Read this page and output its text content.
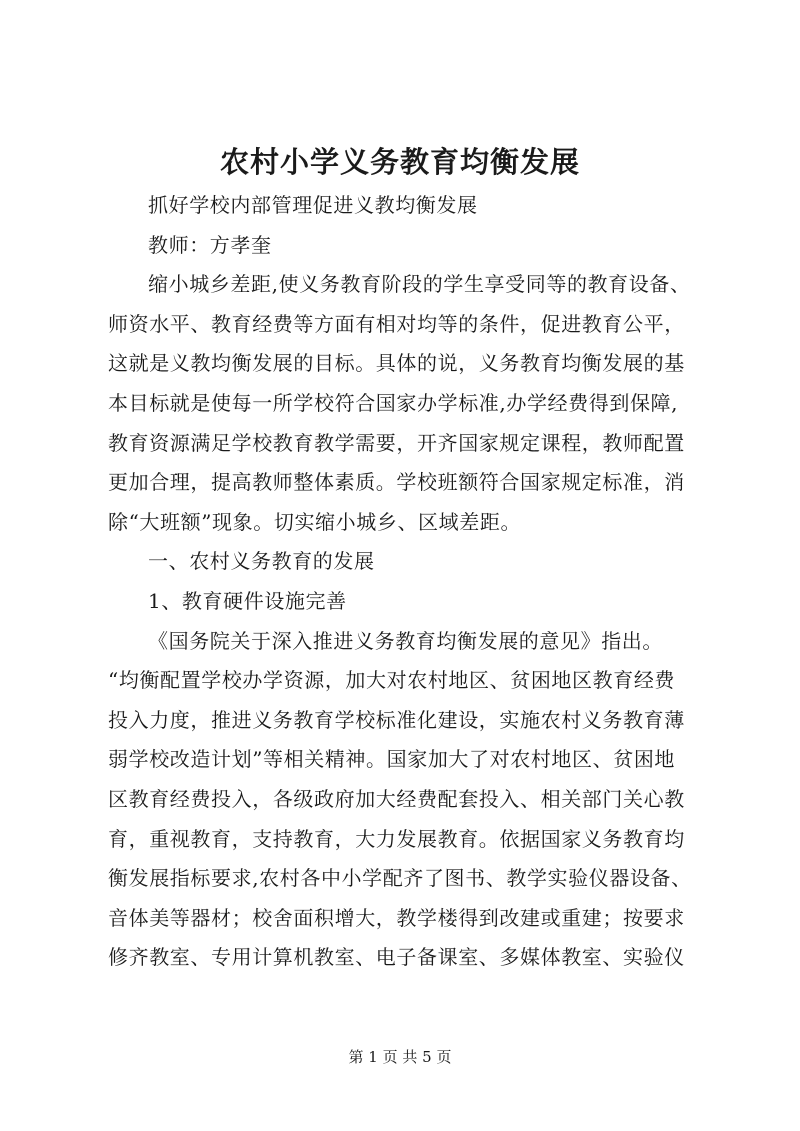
农村小学义务教育均衡发展
抓好学校内部管理促进义教均衡发展
教师：方孝奎
缩小城乡差距,使义务教育阶段的学生享受同等的教育设备、
师资水平、教育经费等方面有相对均等的条件，促进教育公平，
这就是义教均衡发展的目标。具体的说，义务教育均衡发展的基
本目标就是使每一所学校符合国家办学标准,办学经费得到保障,
教育资源满足学校教育教学需要，开齐国家规定课程，教师配置
更加合理，提高教师整体素质。学校班额符合国家规定标准，消
除“大班额”现象。切实缩小城乡、区域差距。
一、农村义务教育的发展
1、教育硬件设施完善
《国务院关于深入推进义务教育均衡发展的意见》指出。
“均衡配置学校办学资源，加大对农村地区、贫困地区教育经费
投入力度，推进义务教育学校标准化建设，实施农村义务教育薄
弱学校改造计划”等相关精神。国家加大了对农村地区、贫困地
区教育经费投入，各级政府加大经费配套投入、相关部门关心教
育，重视教育，支持教育，大力发展教育。依据国家义务教育均
衡发展指标要求,农村各中小学配齐了图书、教学实验仪器设备、
音体美等器材；校舍面积增大，教学楼得到改建或重建；按要求
修齐教室、专用计算机教室、电子备课室、多媒体教室、实验仪
第 1 页 共 5 页
